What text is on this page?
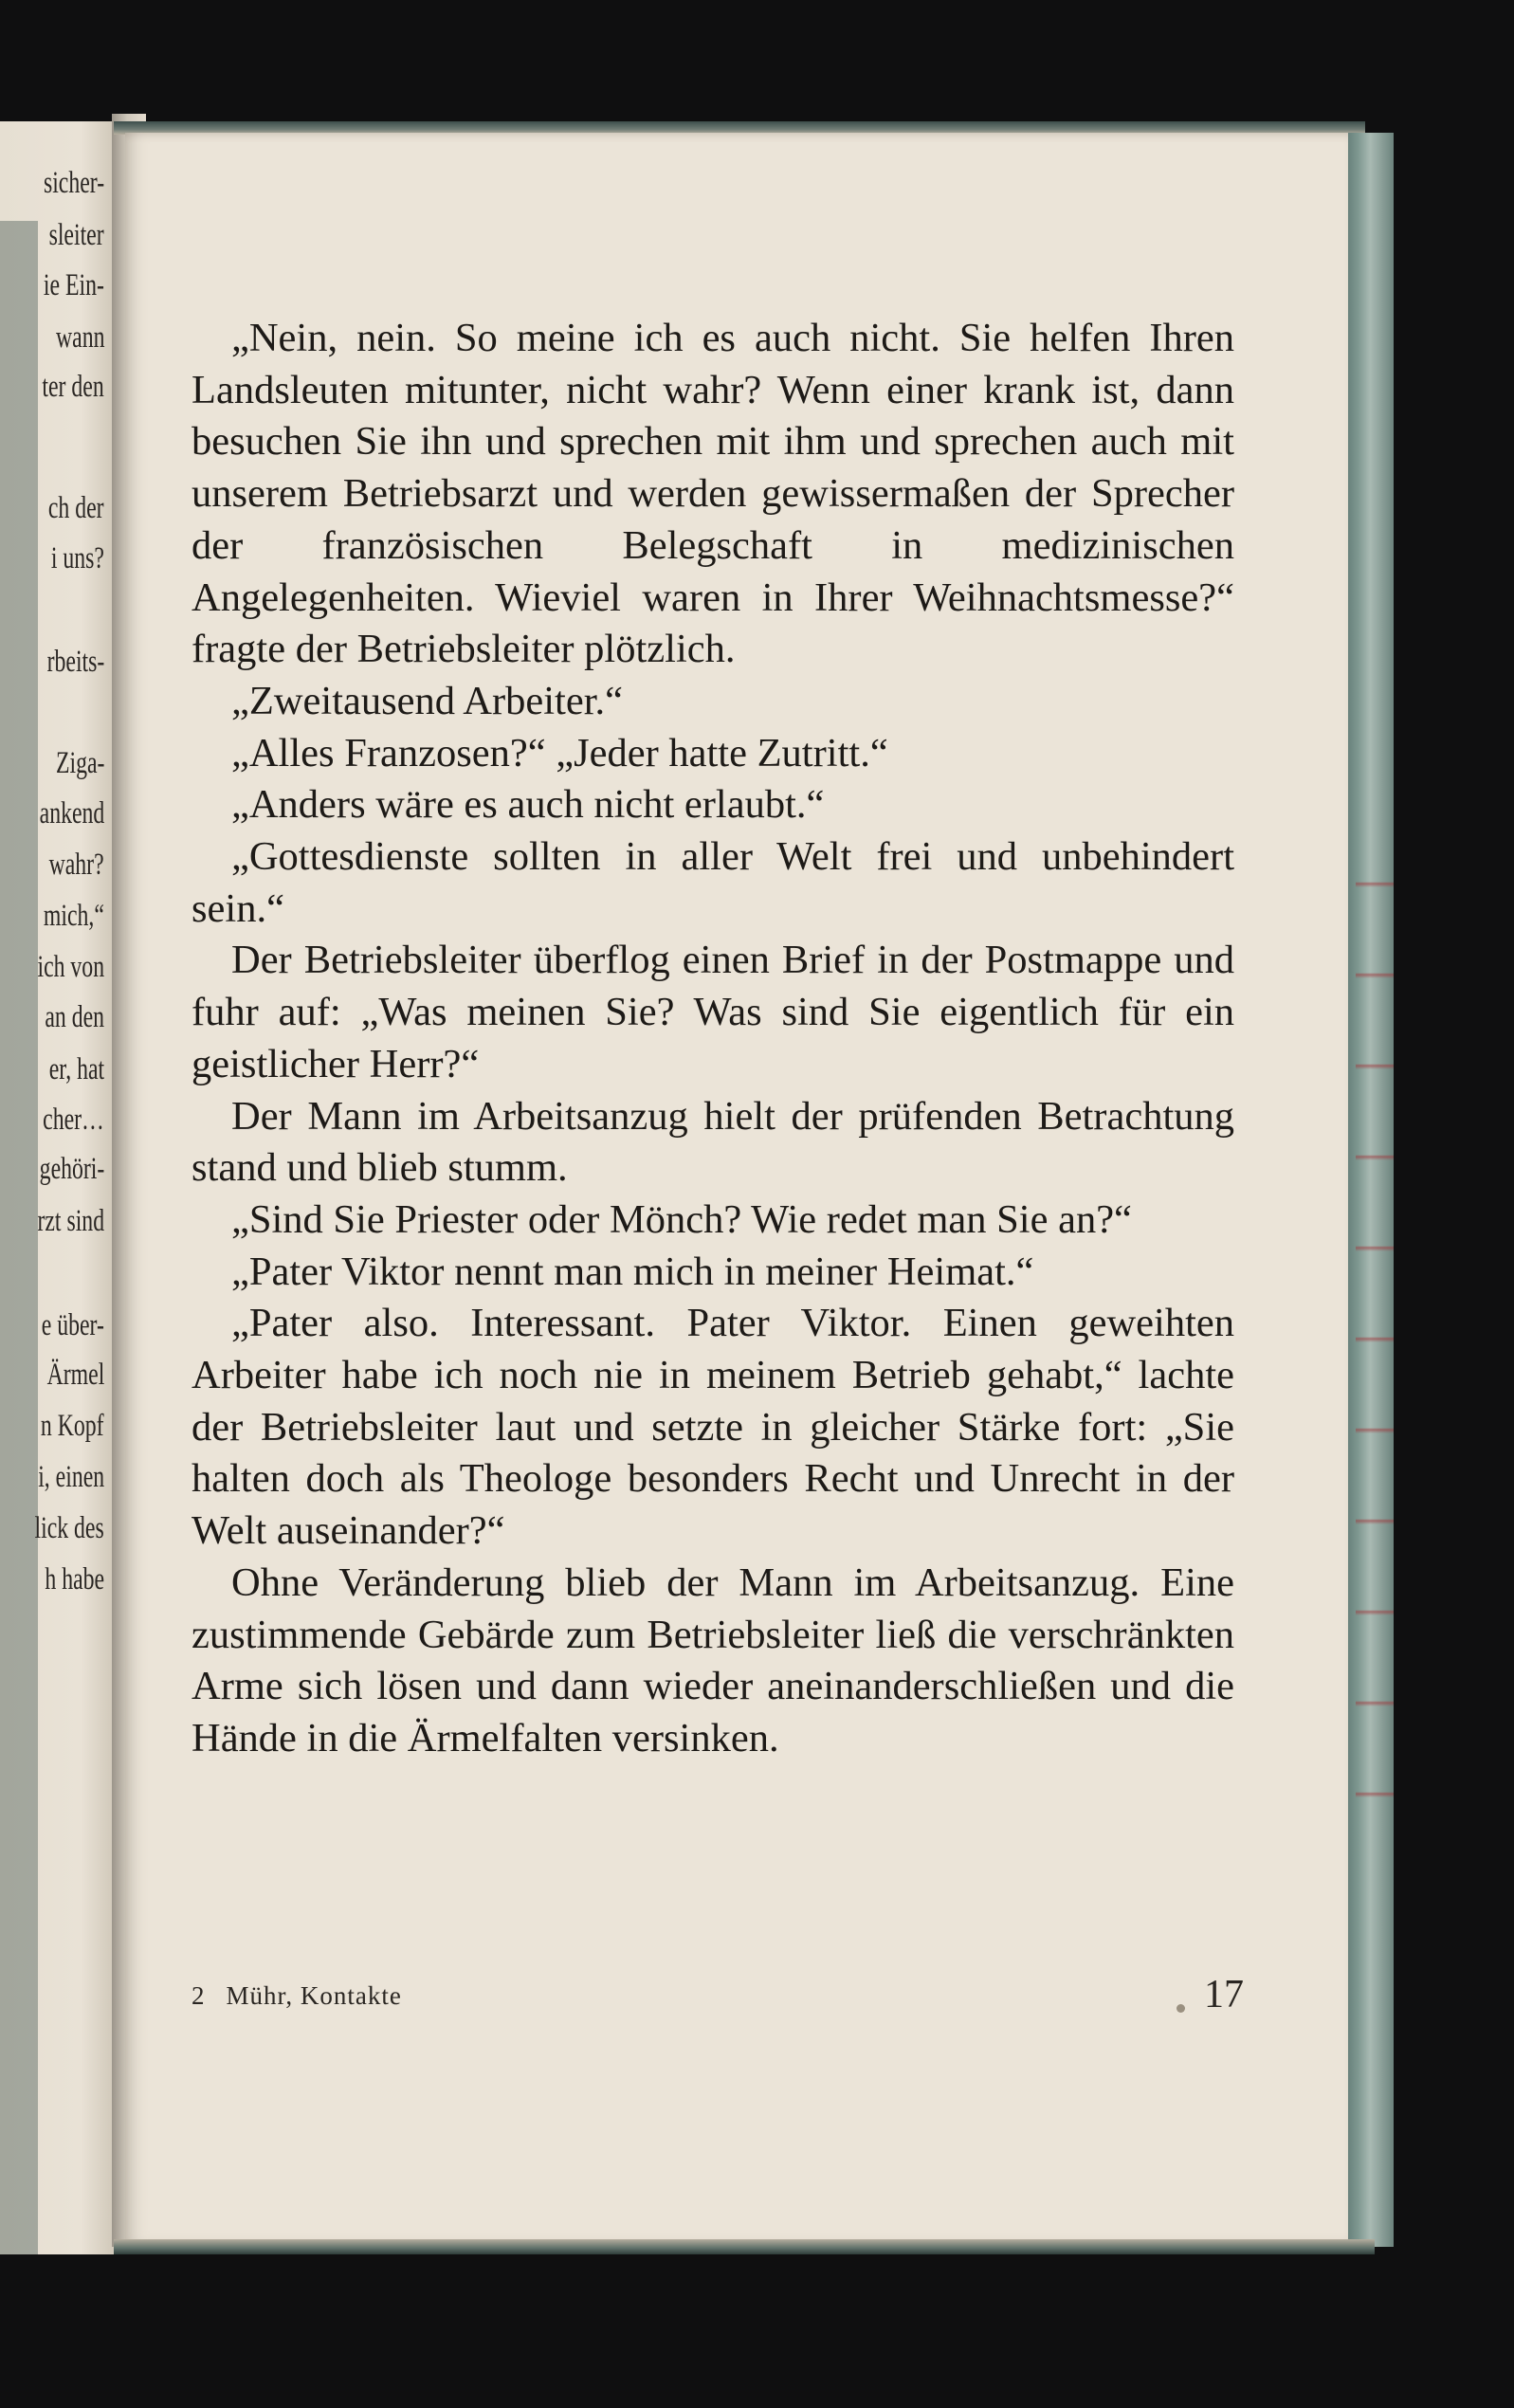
sicher-
sleiter
ie Ein-
wann
ter den
ch der
i uns?
rbeits-
Ziga-
ankend
wahr?
mich,“
ich von
an den
er, hat
cher…
gehöri-
rzt sind
e über-
Ärmel
n Kopf
i, einen
lick des
h habe

„Nein, nein. So meine ich es auch nicht. Sie helfen Ihren Landsleuten mitunter, nicht wahr? Wenn einer krank ist, dann besuchen Sie ihn und sprechen mit ihm und sprechen auch mit unserem Betriebsarzt und werden gewissermaßen der Sprecher der französischen Belegschaft in medizinischen Angelegenheiten. Wieviel waren in Ihrer Weihnachtsmesse?“ fragte der Betriebsleiter plötzlich.

„Zweitausend Arbeiter.“

„Alles Franzosen?“ „Jeder hatte Zutritt.“

„Anders wäre es auch nicht erlaubt.“

„Gottesdienste sollten in aller Welt frei und unbehindert sein.“

Der Betriebsleiter überflog einen Brief in der Postmappe und fuhr auf: „Was meinen Sie? Was sind Sie eigentlich für ein geistlicher Herr?“

Der Mann im Arbeitsanzug hielt der prüfenden Betrachtung stand und blieb stumm.

„Sind Sie Priester oder Mönch? Wie redet man Sie an?“

„Pater Viktor nennt man mich in meiner Heimat.“

„Pater also. Interessant. Pater Viktor. Einen geweihten Arbeiter habe ich noch nie in meinem Betrieb gehabt,“ lachte der Betriebsleiter laut und setzte in gleicher Stärke fort: „Sie halten doch als Theologe besonders Recht und Unrecht in der Welt auseinander?“

Ohne Veränderung blieb der Mann im Arbeitsanzug. Eine zustimmende Gebärde zum Betriebsleiter ließ die verschränkten Arme sich lösen und dann wieder aneinanderschließen und die Hände in die Ärmelfalten versinken.

2 Mühr, Kontakte	17
